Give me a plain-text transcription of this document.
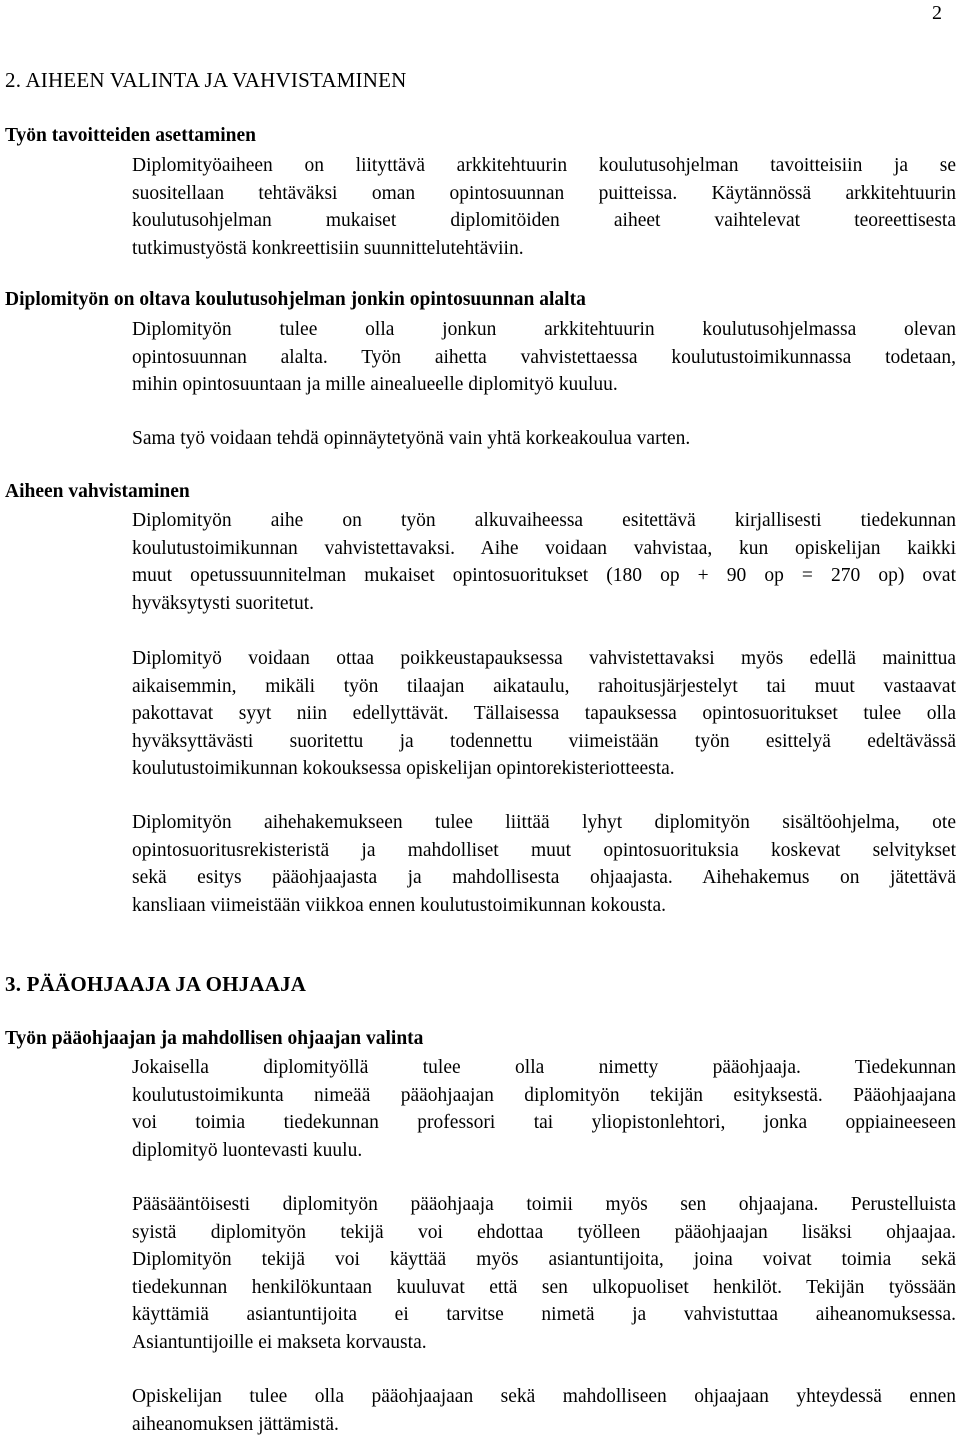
2
2. AIHEEN VALINTA JA VAHVISTAMINEN
Työn tavoitteiden asettaminen

Diplomityöaiheen on liityttävä arkkitehtuurin koulutusohjelman tavoitteisiin ja se
suositellaan tehtäväksi oman opintosuunnan puitteissa. Käytännössä arkkitehtuurin
koulutusohjelman mukaiset diplomitöiden aiheet vaihtelevat teoreettisesta
tutkimustyöstä konkreettisiin suunnittelutehtäviin.

Diplomityön on oltava koulutusohjelman jonkin opintosuunnan alalta

Diplomityön tulee olla jonkun arkkitehtuurin koulutusohjelmassa olevan
opintosuunnan alalta. Työn aihetta vahvistettaessa koulutustoimikunnassa todetaan,
mihin opintosuuntaan ja mille ainealueelle diplomityö kuuluu.

Sama työ voidaan tehdä opinnäytetyönä vain yhtä korkeakoulua varten.

Aiheen vahvistaminen

Diplomityön aihe on työn alkuvaiheessa esitettävä kirjallisesti tiedekunnan
koulutustoimikunnan vahvistettavaksi. Aihe voidaan vahvistaa, kun opiskelijan kaikki
muut opetussuunnitelman mukaiset opintosuoritukset (180 op + 90 op = 270 op) ovat
hyväksytysti suoritetut.

Diplomityö voidaan ottaa poikkeustapauksessa vahvistettavaksi myös edellä mainittua
aikaisemmin, mikäli työn tilaajan aikataulu, rahoitusjärjestelyt tai muut vastaavat
pakottavat syyt niin edellyttävät. Tällaisessa tapauksessa opintosuoritukset tulee olla
hyväksyttävästi suoritettu ja todennettu viimeistään työn esittelyä edeltävässä
koulutustoimikunnan kokouksessa opiskelijan opintorekisteriotteesta.

Diplomityön aihehakemukseen tulee liittää lyhyt diplomityön sisältöohjelma, ote
opintosuoritusrekisteristä ja mahdolliset muut opintosuorituksia koskevat selvitykset
sekä esitys pääohjaajasta ja mahdollisesta ohjaajasta. Aihehakemus on jätettävä
kansliaan viimeistään viikkoa ennen koulutustoimikunnan kokousta.

3. PÄÄOHJAAJA JA OHJAAJA
Työn pääohjaajan ja mahdollisen ohjaajan valinta

Jokaisella diplomityöllä tulee olla nimetty pääohjaaja. Tiedekunnan
koulutustoimikunta nimeää pääohjaajan diplomityön tekijän esityksestä. Pääohjaajana
voi toimia tiedekunnan professori tai yliopistonlehtori, jonka oppiaineeseen
diplomityö luontevasti kuulu.

Pääsääntöisesti diplomityön pääohjaaja toimii myös sen ohjaajana. Perustelluista
syistä diplomityön tekijä voi ehdottaa työlleen pääohjaajan lisäksi ohjaajaa.
Diplomityön tekijä voi käyttää myös asiantuntijoita, joina voivat toimia sekä
tiedekunnan henkilökuntaan kuuluvat että sen ulkopuoliset henkilöt. Tekijän työssään
käyttämiä asiantuntijoita ei tarvitse nimetä ja vahvistuttaa aiheanomuksessa.
Asiantuntijoille ei makseta korvausta.

Opiskelijan tulee olla pääohjaajaan sekä mahdolliseen ohjaajaan yhteydessä ennen
aiheanomuksen jättämistä.
